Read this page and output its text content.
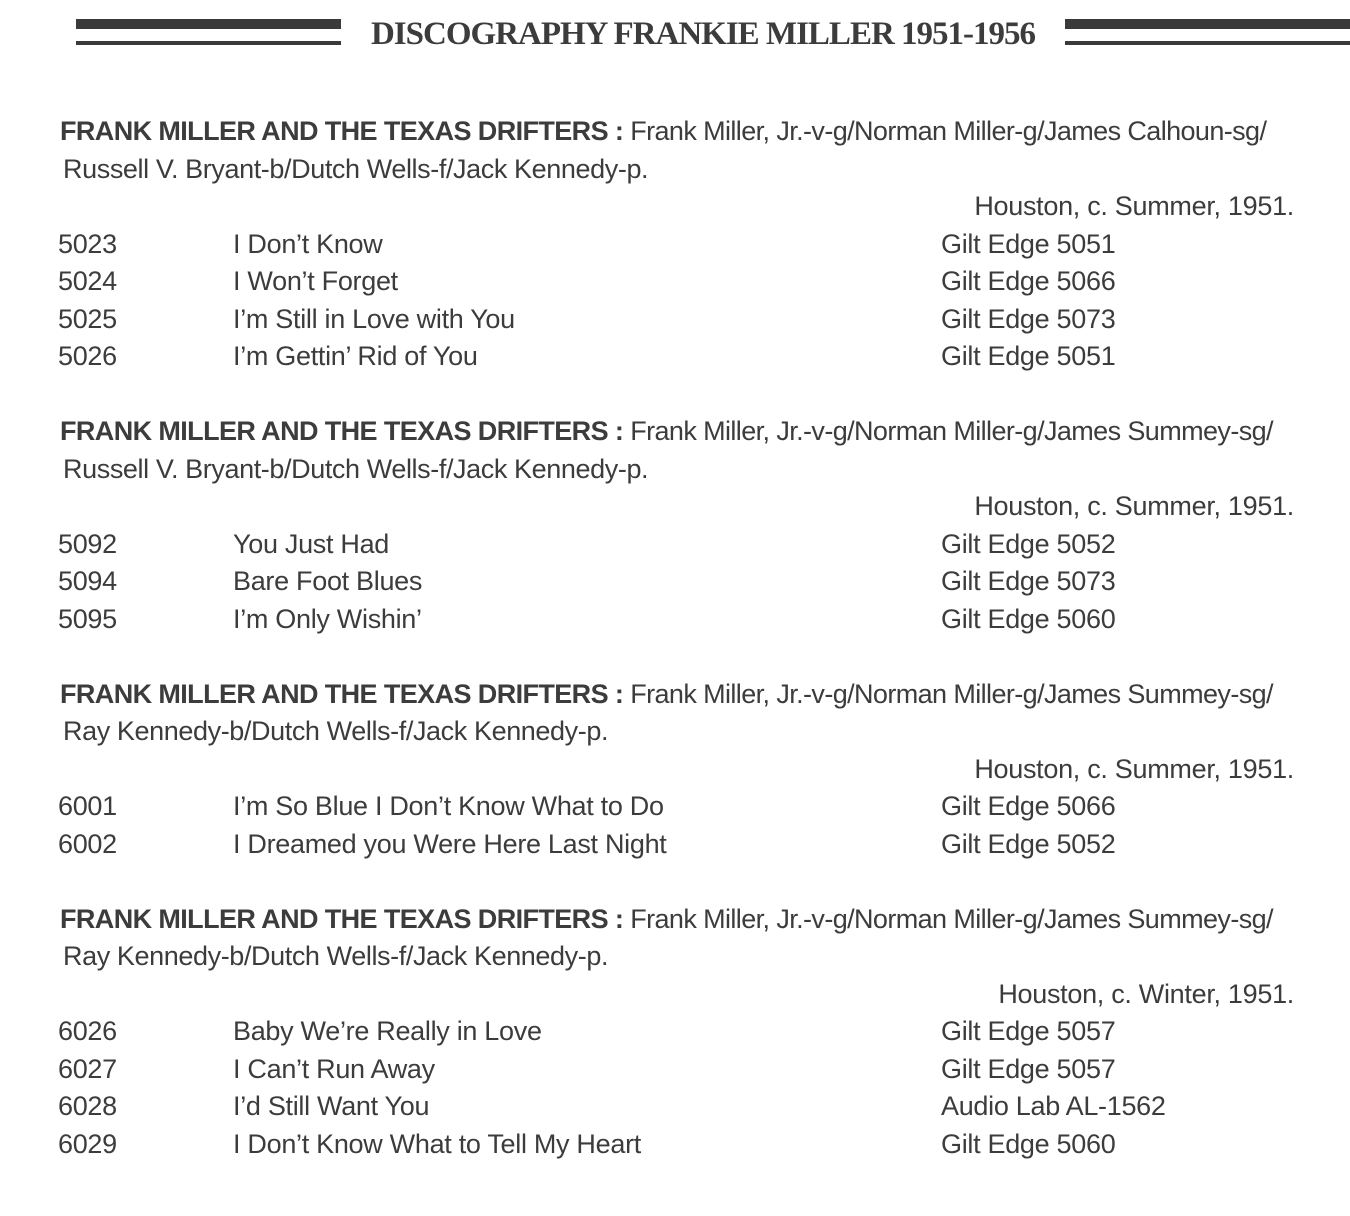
DISCOGRAPHY FRANKIE MILLER 1951-1956
FRANK MILLER AND THE TEXAS DRIFTERS : Frank Miller, Jr.-v-g/Norman Miller-g/James Calhoun-sg/
Russell V. Bryant-b/Dutch Wells-f/Jack Kennedy-p.
Houston, c. Summer, 1951.
5023	I Don’t Know	Gilt Edge 5051
5024	I Won’t Forget	Gilt Edge 5066
5025	I’m Still in Love with You	Gilt Edge 5073
5026	I’m Gettin’ Rid of You	Gilt Edge 5051
FRANK MILLER AND THE TEXAS DRIFTERS : Frank Miller, Jr.-v-g/Norman Miller-g/James Summey-sg/
Russell V. Bryant-b/Dutch Wells-f/Jack Kennedy-p.
Houston, c. Summer, 1951.
5092	You Just Had	Gilt Edge 5052
5094	Bare Foot Blues	Gilt Edge 5073
5095	I’m Only Wishin’	Gilt Edge 5060
FRANK MILLER AND THE TEXAS DRIFTERS : Frank Miller, Jr.-v-g/Norman Miller-g/James Summey-sg/
Ray Kennedy-b/Dutch Wells-f/Jack Kennedy-p.
Houston, c. Summer, 1951.
6001	I’m So Blue I Don’t Know What to Do	Gilt Edge 5066
6002	I Dreamed you Were Here Last Night	Gilt Edge 5052
FRANK MILLER AND THE TEXAS DRIFTERS : Frank Miller, Jr.-v-g/Norman Miller-g/James Summey-sg/
Ray Kennedy-b/Dutch Wells-f/Jack Kennedy-p.
Houston, c. Winter, 1951.
6026	Baby We’re Really in Love	Gilt Edge 5057
6027	I Can’t Run Away	Gilt Edge 5057
6028	I’d Still Want You	Audio Lab AL-1562
6029	I Don’t Know What to Tell My Heart	Gilt Edge 5060
